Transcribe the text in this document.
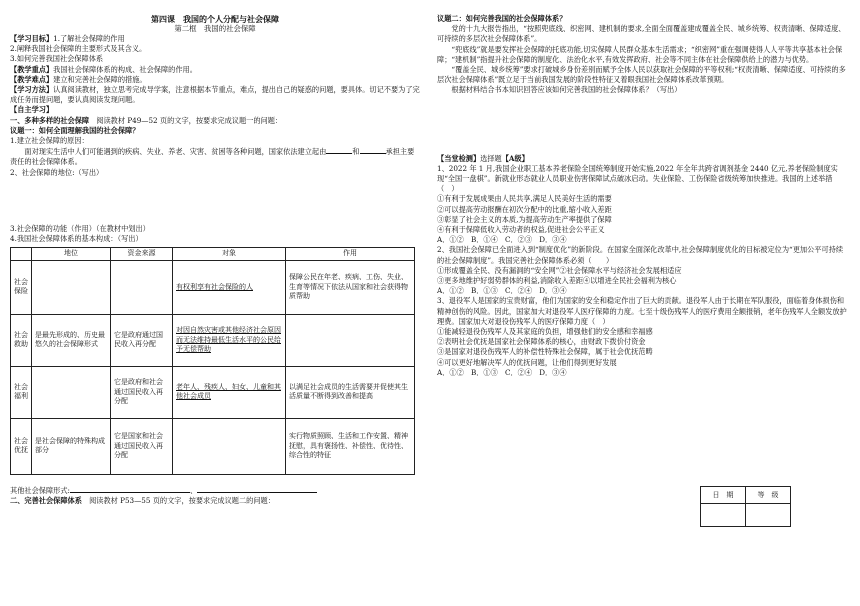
第四课　我国的个人分配与社会保障

第二框　我国的社会保障

【学习目标】1.了解社会保障的作用

2.阐释我国社会保障的主要形式及其含义。

3.如何完善我国社会保障体系

【教学重点】我国社会保障体系的构成、社会保障的作用。

【教学难点】建立和完善社会保障的措施。

【学习方法】认真阅读教材，独立思考完成导学案，注意根据本节重点，难点，提出自己的疑惑的问题，要具体。切记不要为了完成任务而提问题，要认真阅读发现问题。

【自主学习】

一、多种多样的社会保障　 阅读教材 P49—52 页的文字，按要求完成议题一的问题：

议题一：如何全面理解我国的社会保障？

1.建立社会保障的原因：

面对现实生活中人们可能遇到的疾病、失业、养老、灾害、贫困等各种问题，国家依法建立起由	和	承担主要责任的社会保障体系。

2、社会保障的地位:（写出）

3.社会保障的功能（作用）（在教材中划出）

4.我国社会保障体系的基本构成：（写出）

	地位	资金来源	对象	作用
社会保险			有权利享有社会保险的人	保障公民在年老、疾病、工伤、失业、生育等情况下依法从国家和社会获得物质帮助
社会救助	是最先形成的、历史最悠久的社会保障形式	它是政府通过国民收入再分配	对因自然灾害或其他经济社会原因而无法维持最低生活水平的公民给予无偿帮助	
社会福利		它是政府和社会通过国民收入再分配	老年人、残疾人、妇女、儿童和其他社会成员	以满足社会成员的生活需要并促使其生活质量不断得到改善和提高
社会优抚	是社会保障的特殊构成部分	它是国家和社会通过国民收入再分配		实行物质照顾、生活和工作安置、精神抚慰，具有褒扬性、补偿性、优待性、综合性的特征

其他社会保障形式:	、

二、完善社会保障体系　 阅读教材 P53—55 页的文字，按要求完成议题二的问题：

议题二：如何完善我国的社会保障体系？

党的十九大报告指出，“按照兜底线、织密网、建机制的要求,全面全面覆盖建成覆盖全民、城乡统筹、权责清晰、保障适度、可持续的多层次社会保障体系”。

“兜底线”就是要发挥社会保障的托底功能,切实保障人民群众基本生活需求；“织密网”重在强调使得人人平等共享基本社会保障；“建机制”指提升社会保障的制度化、法治化水平,有效发挥政府、社会等不同主体在社会保障供给上的潜力与优势。

“覆盖全民、城乡统筹”要求打破城乡身份差别而赋予全体人民以获取社会保障的平等权利;“权责清晰、保障适度、可持续的多层次社会保障体系”既立足于当前我国发展的阶段性特征又着眼我国社会保障体系改革预期。

根据材料结合书本知识回答应该如何完善我国的社会保障体系？（写出）

【当堂检测】选择题【A级】

1、2022 年 1 月,我国企业职工基本养老保险全国统筹制度开始实施,2022 年全年共跨省调剂基金 2440 亿元,养老保险制度实现“全国一盘棋”。新就业形态就业人员职业伤害保障试点破冰启动。失业保险、工伤保险省级统筹加快推进。我国的上述举措（　）

①有利于发展成果由人民共享,满足人民美好生活的需要

②可以提高劳动报酬在初次分配中的比重,缩小收入差距

③彰显了社会主义的本质,为提高劳动生产率提供了保障

④有利于保障低收入劳动者的权益,促进社会公平正义

A．①②　B．①④　C．②③　D．③④

2、我国社会保障已全面进入到“制度优化”的新阶段。在国家全面深化改革中,社会保障制度优化的目标被定位为“更加公平可持续的社会保障制度”。我国完善社会保障体系必须（　　）

①形成覆盖全民、没有漏洞的“安全网”②社会保障水平与经济社会发展相适应

③更多地维护好弱势群体的利益,消除收入差距④以增进全民社会福利为核心

A．①②　B．①③　C．②④　D．③④

3、退役军人是国家的宝贵财富，他们为国家的安全和稳定作出了巨大的贡献。退役军人由于长期在军队服役，面临着身体损伤和精神创伤的风险。因此，国家加大对退役军人医疗保障的力度。七至十级伤残军人的医疗费用全额报销，老年伤残军人全额发放护理费。国家加大对退役伤残军人的医疗保障力度（　）

①能减轻退役伤残军人及其家庭的负担，增强他们的安全感和幸福感

②表明社会优抚是国家社会保障体系的核心，由财政下拨价付资金

③是国家对退役伤残军人的补偿性特殊社会保障，属于社会优抚范畴

④可以更好地解决军人的优抚问题，让他们得到更好发展

A．①②　B．①③　C．②④　D．③④

日　期	等　级
